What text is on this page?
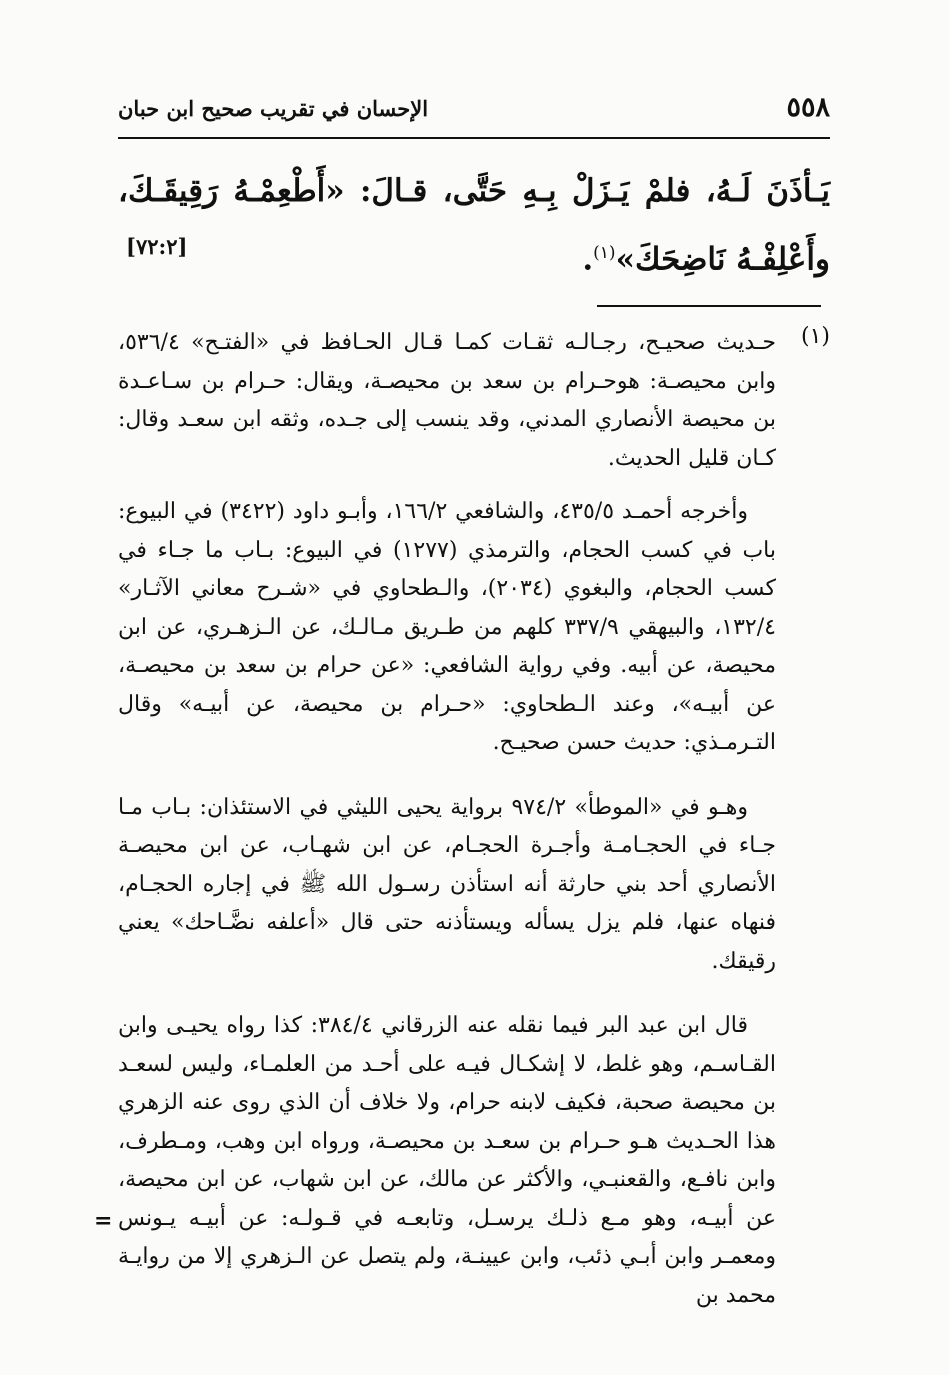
٥٥٨
الإحسان في تقريب صحيح ابن حبان
يَـأذَنَ لَـهُ، فلمْ يَـزَلْ بِـهِ حَتَّى، قـالَ: «أَطْعِمْـهُ رَقِيقَـكَ، وأَعْلِفْـهُ نَاضِحَكَ»$^{(١)}$.
[٧٢:٢]
(١)

حـديث صحيـح، رجـالـه ثقـات كمـا قـال الحـافظ في «الفتـح» ٥٣٦/٤، وابن محيصـة: هوحـرام بن سعد بن محيصـة، ويقال: حـرام بن سـاعـدة بن محيصة الأنصاري المدني، وقد ينسب إلى جـده، وثقه ابن سعـد وقال: كـان قليل الحديث.

وأخرجه أحمـد ٤٣٥/٥، والشافعي ١٦٦/٢، وأبـو داود (٣٤٢٢) في البيوع: باب في كسب الحجام، والترمذي (١٢٧٧) في البيوع: بـاب ما جـاء في كسب الحجام، والبغوي (٢٠٣٤)، والـطحاوي في «شـرح معاني الآثـار» ١٣٢/٤، والبيهقي ٣٣٧/٩ كلهم من طـريق مـالـك، عن الـزهـري، عن ابن محيصة، عن أبيه. وفي رواية الشافعي: «عن حرام بن سعد بن محيصـة، عن أبيـه»، وعند الـطحاوي: «حـرام بن محيصة، عن أبيـه» وقال التـرمـذي: حديث حسن صحيـح.

وهـو في «الموطأ» ٩٧٤/٢ برواية يحيى الليثي في الاستئذان: بـاب مـا جـاء في الحجـامـة وأجـرة الحجـام، عن ابن شهـاب، عن ابن محيصـة الأنصاري أحد بني حارثة أنه استأذن رسـول الله ﷺ في إجاره الحجـام، فنهاه عنها، فلم يزل يسأله ويستأذنه حتى قال «أعلفه نضَّـاحك» يعني رقيقك.

قال ابن عبد البر فيما نقله عنه الزرقاني ٣٨٤/٤: كذا رواه يحيـى وابن القـاسـم، وهو غلط، لا إشكـال فيـه على أحـد من العلمـاء، وليس لسعـد بن محيصة صحبة، فكيف لابنه حرام، ولا خلاف أن الذي روى عنه الزهري هذا الحـديث هـو حـرام بن سعـد بن محيصـة، ورواه ابن وهب، ومـطرف، وابن نافـع، والقعنبـي، والأكثر عن مالك، عن ابن شهاب، عن ابن محيصة، عن أبيـه، وهو مـع ذلـك يرسـل، وتابعـه في قـولـه: عن أبيـه يـونس ومعمـر وابن أبـي ذئب، وابن عيينـة، ولم يتصل عن الـزهري إلا من روايـة محمد بن

=
